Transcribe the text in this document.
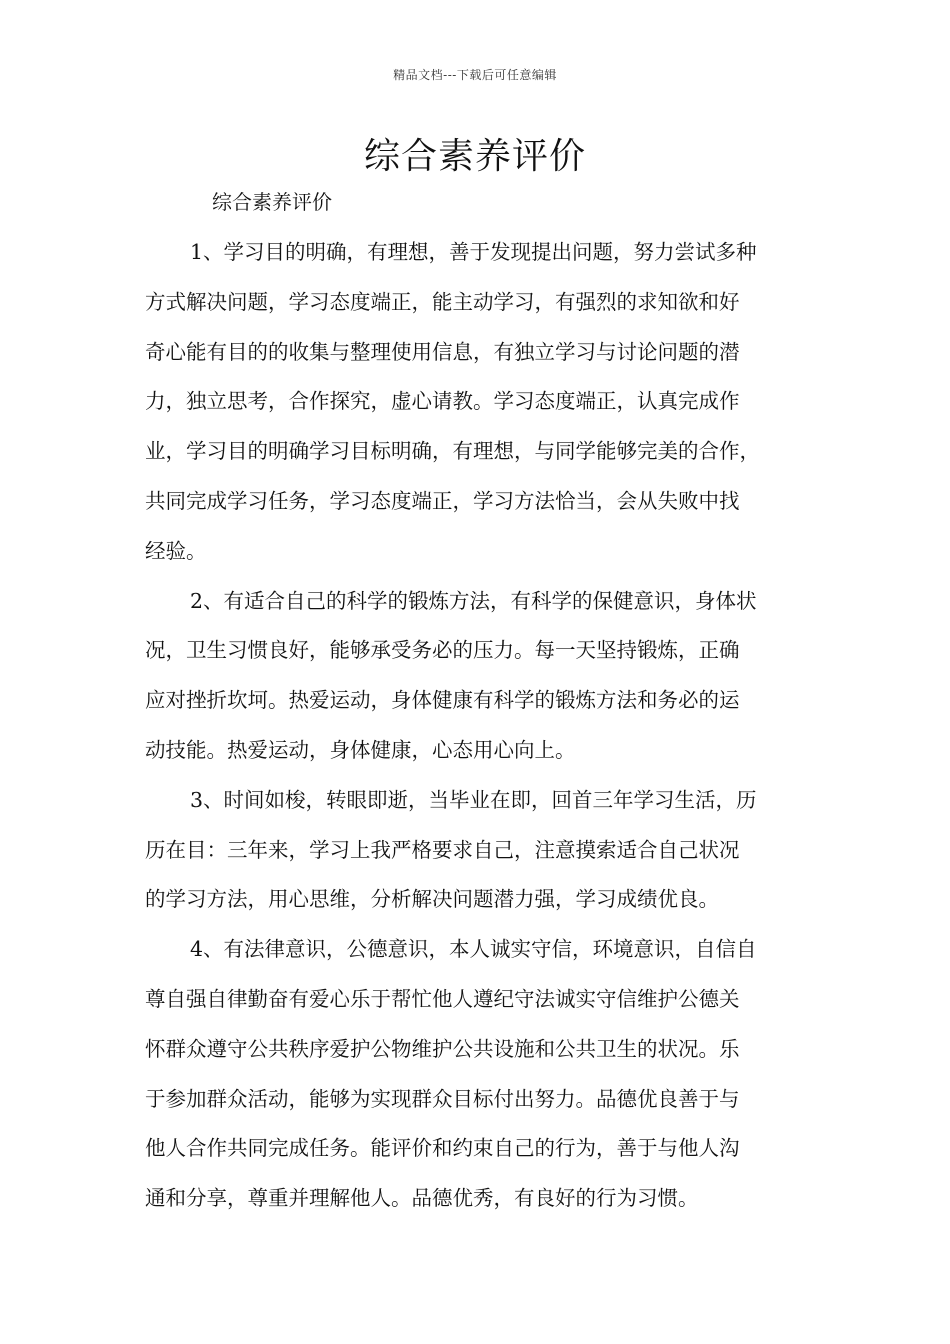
精品文档---下载后可任意编辑
综合素养评价
综合素养评价

1、学习目的明确，有理想，善于发现提出问题，努力尝试多种
方式解决问题，学习态度端正，能主动学习，有强烈的求知欲和好
奇心能有目的的收集与整理使用信息，有独立学习与讨论问题的潜
力，独立思考，合作探究，虚心请教。学习态度端正，认真完成作
业，学习目的明确学习目标明确，有理想，与同学能够完美的合作，
共同完成学习任务，学习态度端正，学习方法恰当，会从失败中找
经验。

2、有适合自己的科学的锻炼方法，有科学的保健意识，身体状
况，卫生习惯良好，能够承受务必的压力。每一天坚持锻炼，正确
应对挫折坎坷。热爱运动，身体健康有科学的锻炼方法和务必的运
动技能。热爱运动，身体健康，心态用心向上。

3、时间如梭，转眼即逝，当毕业在即，回首三年学习生活，历
历在目：三年来，学习上我严格要求自己，注意摸索适合自己状况
的学习方法，用心思维，分析解决问题潜力强，学习成绩优良。

4、有法律意识，公德意识，本人诚实守信，环境意识，自信自
尊自强自律勤奋有爱心乐于帮忙他人遵纪守法诚实守信维护公德关
怀群众遵守公共秩序爱护公物维护公共设施和公共卫生的状况。乐
于参加群众活动，能够为实现群众目标付出努力。品德优良善于与
他人合作共同完成任务。能评价和约束自己的行为，善于与他人沟
通和分享，尊重并理解他人。品德优秀，有良好的行为习惯。
